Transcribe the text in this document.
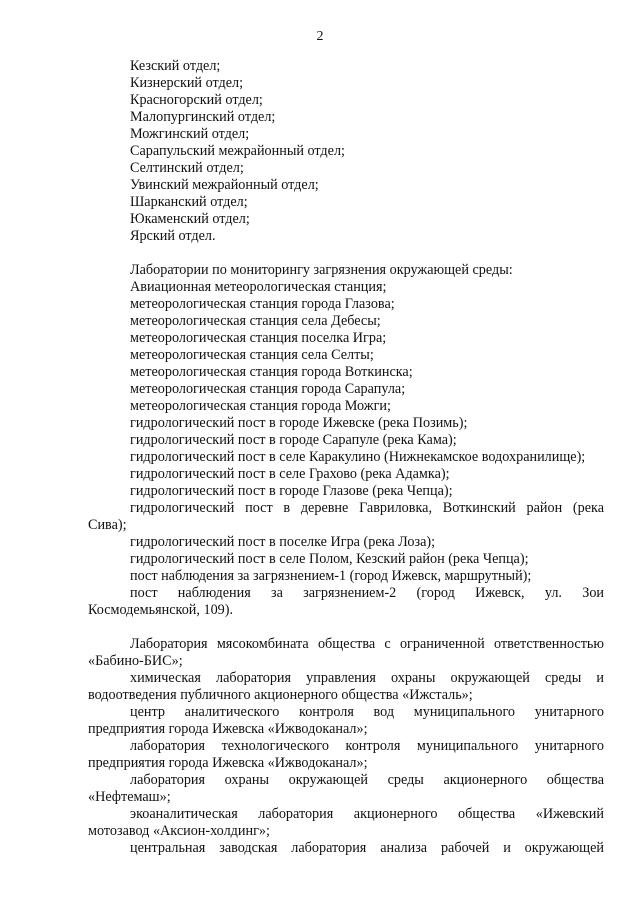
2
Кезский отдел;
Кизнерский отдел;
Красногорский отдел;
Малопургинский отдел;
Можгинский отдел;
Сарапульский межрайонный отдел;
Селтинский отдел;
Увинский межрайонный отдел;
Шарканский отдел;
Юкаменский отдел;
Ярский отдел.
Лаборатории по мониторингу загрязнения окружающей среды:
Авиационная метеорологическая станция;
метеорологическая станция города Глазова;
метеорологическая станция села Дебесы;
метеорологическая станция поселка Игра;
метеорологическая станция села Селты;
метеорологическая станция города Воткинска;
метеорологическая станция города Сарапула;
метеорологическая станция города Можги;
гидрологический пост в городе Ижевске (река Позимь);
гидрологический пост в городе Сарапуле (река Кама);
гидрологический пост в селе Каракулино (Нижнекамское водохранилище);
гидрологический пост в селе Грахово (река Адамка);
гидрологический пост в городе Глазове (река Чепца);
гидрологический пост в деревне Гавриловка, Воткинский район (река
Сива);
гидрологический пост в поселке Игра (река Лоза);
гидрологический пост в селе Полом, Кезский район (река Чепца);
пост наблюдения за загрязнением-1 (город Ижевск, маршрутный);
пост наблюдения за загрязнением-2 (город Ижевск, ул. Зои
Космодемьянской, 109).
Лаборатория мясокомбината общества с ограниченной ответственностью
«Бабино-БИС»;
химическая лаборатория управления охраны окружающей среды и
водоотведения публичного акционерного общества «Ижсталь»;
центр аналитического контроля вод муниципального унитарного
предприятия города Ижевска «Ижводоканал»;
лаборатория технологического контроля муниципального унитарного
предприятия города Ижевска «Ижводоканал»;
лаборатория охраны окружающей среды акционерного общества
«Нефтемаш»;
экоаналитическая лаборатория акционерного общества «Ижевский
мотозавод «Аксион-холдинг»;
центральная заводская лаборатория анализа рабочей и окружающей
